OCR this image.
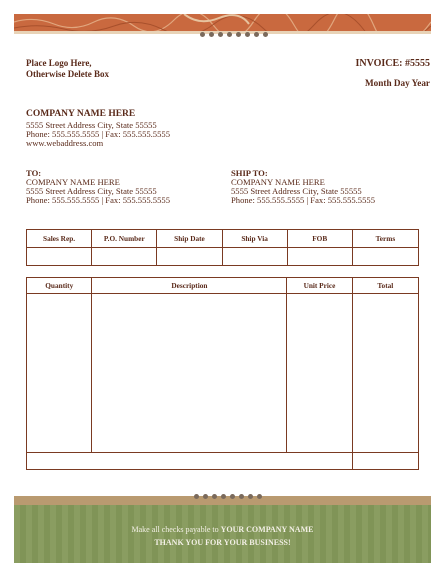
Place Logo Here,
Otherwise Delete Box
INVOICE: #5555
Month Day Year
COMPANY NAME HERE
5555 Street Address City, State 55555
Phone: 555.555.5555 | Fax: 555.555.5555
www.webaddress.com
TO:
COMPANY NAME HERE
5555 Street Address City, State 55555
Phone: 555.555.5555 | Fax: 555.555.5555
SHIP TO:
COMPANY NAME HERE
5555 Street Address City, State 55555
Phone: 555.555.5555 | Fax: 555.555.5555
Sales Rep.	P.O. Number	Ship Date	Ship Via	FOB	Terms

Quantity	Description	Unit Price	Total

Make all checks payable to YOUR COMPANY NAME
THANK YOU FOR YOUR BUSINESS!
